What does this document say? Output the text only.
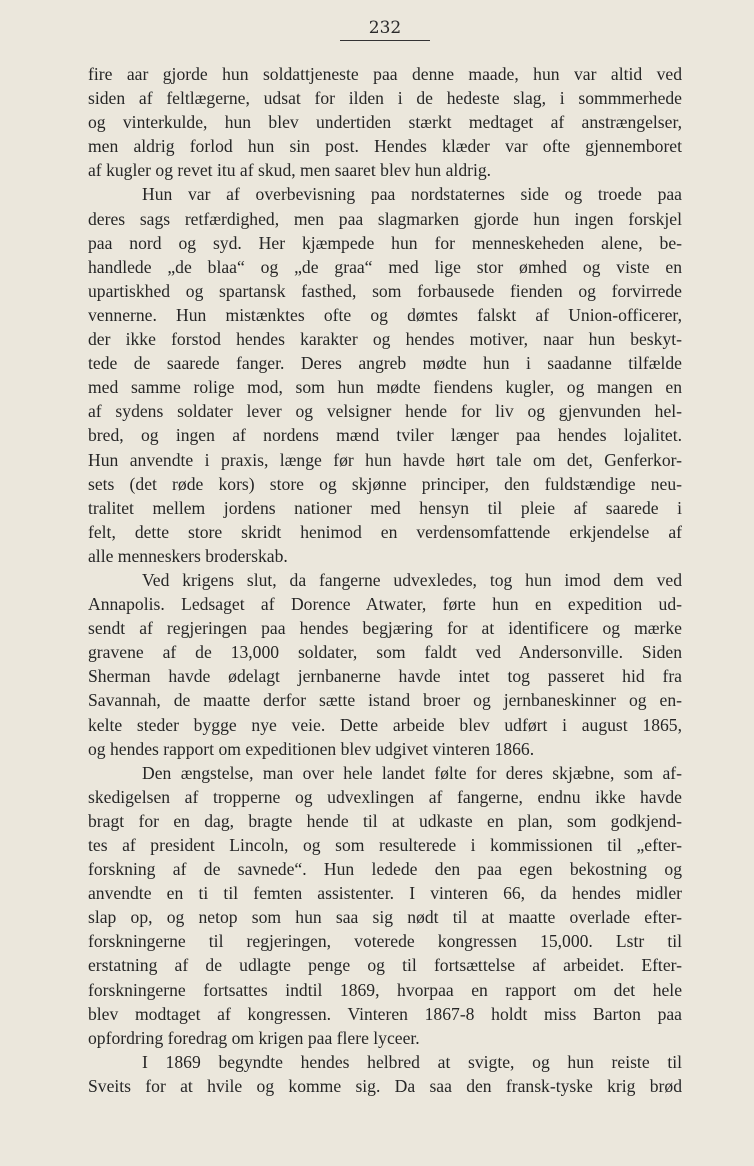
232
fire aar gjorde hun soldattjeneste paa denne maade, hun var altid ved
siden af feltlægerne, udsat for ilden i de hedeste slag, i sommmerhede
og vinterkulde, hun blev undertiden stærkt medtaget af anstrængelser,
men aldrig forlod hun sin post. Hendes klæder var ofte gjennemboret
af kugler og revet itu af skud, men saaret blev hun aldrig.
Hun var af overbevisning paa nordstaternes side og troede paa
deres sags retfærdighed, men paa slagmarken gjorde hun ingen forskjel
paa nord og syd. Her kjæmpede hun for menneskeheden alene, be-
handlede „de blaa“ og „de graa“ med lige stor ømhed og viste en
upartiskhed og spartansk fasthed, som forbausede fienden og forvirrede
vennerne. Hun mistænktes ofte og dømtes falskt af Union-officerer,
der ikke forstod hendes karakter og hendes motiver, naar hun beskyt-
tede de saarede fanger. Deres angreb mødte hun i saadanne tilfælde
med samme rolige mod, som hun mødte fiendens kugler, og mangen en
af sydens soldater lever og velsigner hende for liv og gjenvunden hel-
bred, og ingen af nordens mænd tviler længer paa hendes lojalitet.
Hun anvendte i praxis, længe før hun havde hørt tale om det, Genferkor-
sets (det røde kors) store og skjønne principer, den fuldstændige neu-
tralitet mellem jordens nationer med hensyn til pleie af saarede i
felt, dette store skridt henimod en verdensomfattende erkjendelse af
alle menneskers broderskab.
Ved krigens slut, da fangerne udvexledes, tog hun imod dem ved
Annapolis. Ledsaget af Dorence Atwater, førte hun en expedition ud-
sendt af regjeringen paa hendes begjæring for at identificere og mærke
gravene af de 13,000 soldater, som faldt ved Andersonville. Siden
Sherman havde ødelagt jernbanerne havde intet tog passeret hid fra
Savannah, de maatte derfor sætte istand broer og jernbaneskinner og en-
kelte steder bygge nye veie. Dette arbeide blev udført i august 1865,
og hendes rapport om expeditionen blev udgivet vinteren 1866.
Den ængstelse, man over hele landet følte for deres skjæbne, som af-
skedigelsen af tropperne og udvexlingen af fangerne, endnu ikke havde
bragt for en dag, bragte hende til at udkaste en plan, som godkjend-
tes af president Lincoln, og som resulterede i kommissionen til „efter-
forskning af de savnede“. Hun ledede den paa egen bekostning og
anvendte en ti til femten assistenter. I vinteren 66, da hendes midler
slap op, og netop som hun saa sig nødt til at maatte overlade efter-
forskningerne til regjeringen, voterede kongressen 15,000. Lstr til
erstatning af de udlagte penge og til fortsættelse af arbeidet. Efter-
forskningerne fortsattes indtil 1869, hvorpaa en rapport om det hele
blev modtaget af kongressen. Vinteren 1867-8 holdt miss Barton paa
opfordring foredrag om krigen paa flere lyceer.
I 1869 begyndte hendes helbred at svigte, og hun reiste til
Sveits for at hvile og komme sig. Da saa den fransk-tyske krig brød
